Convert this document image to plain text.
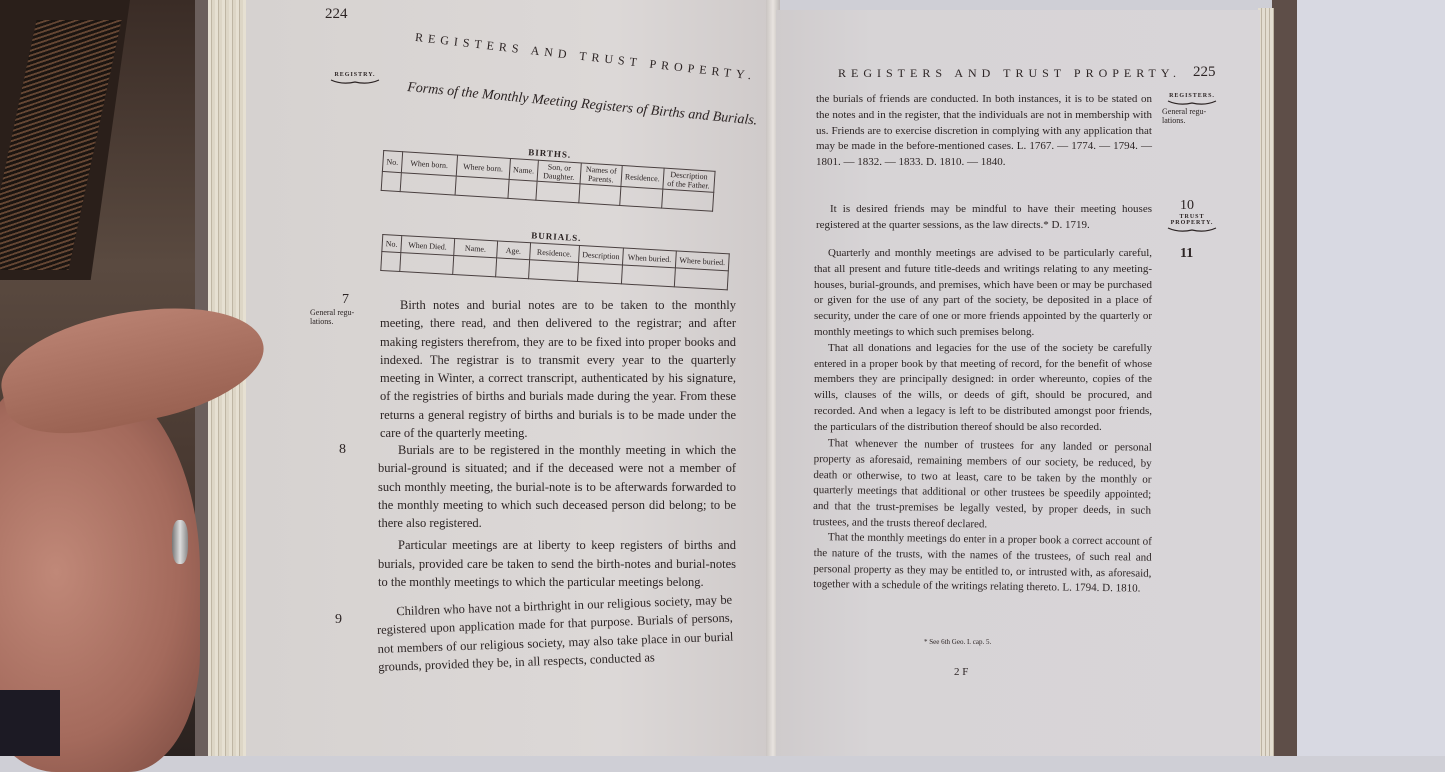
224
REGISTERS AND TRUST PROPERTY.
REGISTRY.
Forms of the Monthly Meeting Registers of Births and Burials.
BIRTHS.
No.	When born.	Where born.	Name.	Son, or Daughter.	Names of Parents.	Residence.	Description of the Father.

BURIALS.
No.	When Died.	Name.	Age.	Residence.	Description	When buried.	Where buried.

7
General regu-lations.

Birth notes and burial notes are to be taken to the monthly meeting, there read, and then delivered to the registrar; and after making registers therefrom, they are to be fixed into proper books and indexed. The registrar is to transmit every year to the quarterly meeting in Winter, a correct transcript, authenticated by his signature, of the registries of births and burials made during the year. From these returns a general registry of births and burials is to be made under the care of the quarterly meeting.

8	Burials are to be registered in the monthly meeting in which the burial-ground is situated; and if the deceased were not a member of such monthly meeting, the burial-note is to be afterwards forwarded to the monthly meeting to which such deceased person did belong; to be there also registered.

Particular meetings are at liberty to keep registers of births and burials, provided care be taken to send the birth-notes and burial-notes to the monthly meetings to which the particular meetings belong.

9

Children who have not a birthright in our religious society, may be registered upon application made for that purpose. Burials of persons, not members of our religious society, may also take place in our burial grounds, provided they be, in all respects, conducted as

REGISTERS AND TRUST PROPERTY. 225

the burials of friends are conducted. In both instances, it is to be stated on the notes and in the register, that the individuals are not in membership with us. Friends are to exercise discretion in complying with any application that may be made in the before-mentioned cases. L. 1767. — 1774. — 1794. — 1801. — 1832. — 1833. D. 1810. — 1840.

REGISTERS.
General regu-lations.

It is desired friends may be mindful to have their meeting houses registered at the quarter sessions, as the law directs.* D. 1719.

10
TRUST PROPERTY.
11

Quarterly and monthly meetings are advised to be particularly careful, that all present and future title-deeds and writings relating to any meeting-houses, burial-grounds, and premises, which have been or may be purchased or given for the use of any part of the society, be deposited in a place of security, under the care of one or more friends appointed by the quarterly or monthly meetings to which such premises belong.

That all donations and legacies for the use of the society be carefully entered in a proper book by that meeting of record, for the benefit of whose members they are principally designed: in order whereunto, copies of the wills, clauses of the wills, or deeds of gift, should be procured, and recorded. And when a legacy is left to be distributed amongst poor friends, the particulars of the distribution thereof should be also recorded.

That whenever the number of trustees for any landed or personal property as aforesaid, remaining members of our society, be reduced, by death or otherwise, to two at least, care to be taken by the monthly or quarterly meetings that additional or other trustees be speedily appointed; and that the trust-premises be legally vested, by proper deeds, in such trustees, and the trusts thereof declared.

That the monthly meetings do enter in a proper book a correct account of the nature of the trusts, with the names of the trustees, of such real and personal property as they may be entitled to, or intrusted with, as aforesaid, together with a schedule of the writings relating thereto. L. 1794. D. 1810.

* See 6th Geo. I. cap. 5.
2 F
